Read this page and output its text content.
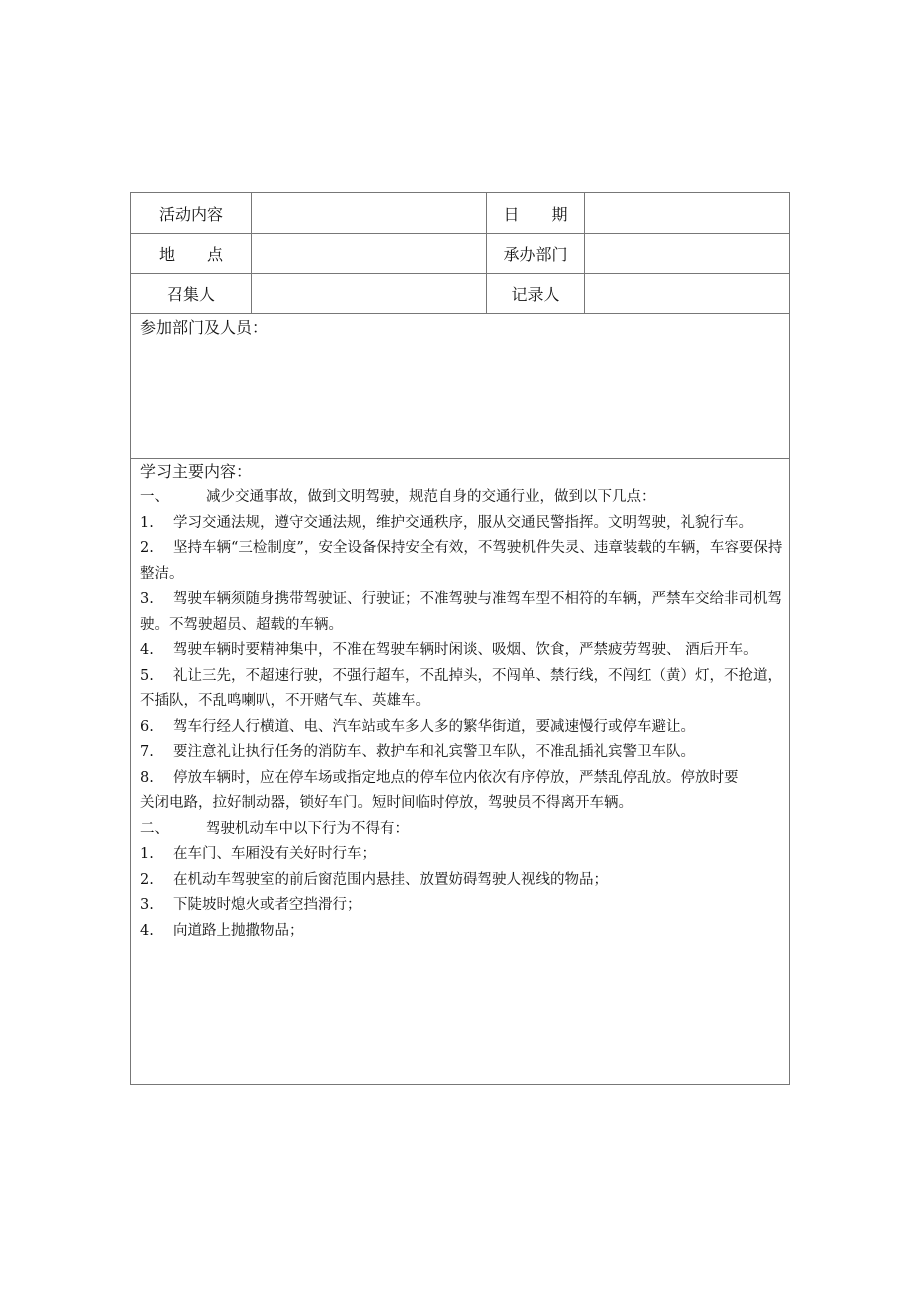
活动内容	日　　期
地　　点	承办部门
召集人	记录人
参加部门及人员：
学习主要内容：

一、	减少交通事故，做到文明驾驶，规范自身的交通行业，做到以下几点：

1. 学习交通法规，遵守交通法规，维护交通秩序，服从交通民警指挥。文明驾驶，礼貌行车。

2. 坚持车辆“三检制度”，安全设备保持安全有效，不驾驶机件失灵、违章装载的车辆，车容要保持整洁。

3. 驾驶车辆须随身携带驾驶证、行驶证；不准驾驶与准驾车型不相符的车辆，严禁车交给非司机驾驶。不驾驶超员、超载的车辆。

4. 驾驶车辆时要精神集中，不准在驾驶车辆时闲谈、吸烟、饮食，严禁疲劳驾驶、 酒后开车。

5. 礼让三先，不超速行驶，不强行超车，不乱掉头，不闯单、禁行线，不闯红（黄）灯，不抢道，不插队，不乱鸣喇叭，不开赌气车、英雄车。

6. 驾车行经人行横道、电、汽车站或车多人多的繁华街道，要减速慢行或停车避让。

7. 要注意礼让执行任务的消防车、救护车和礼宾警卫车队，不准乱插礼宾警卫车队。

8. 停放车辆时，应在停车场或指定地点的停车位内依次有序停放，严禁乱停乱放。停放时要

关闭电路，拉好制动器，锁好车门。短时间临时停放，驾驶员不得离开车辆。

二、	驾驶机动车中以下行为不得有：

1. 在车门、车厢没有关好时行车；

2. 在机动车驾驶室的前后窗范围内悬挂、放置妨碍驾驶人视线的物品；

3. 下陡坡时熄火或者空挡滑行；

4. 向道路上抛撒物品；
